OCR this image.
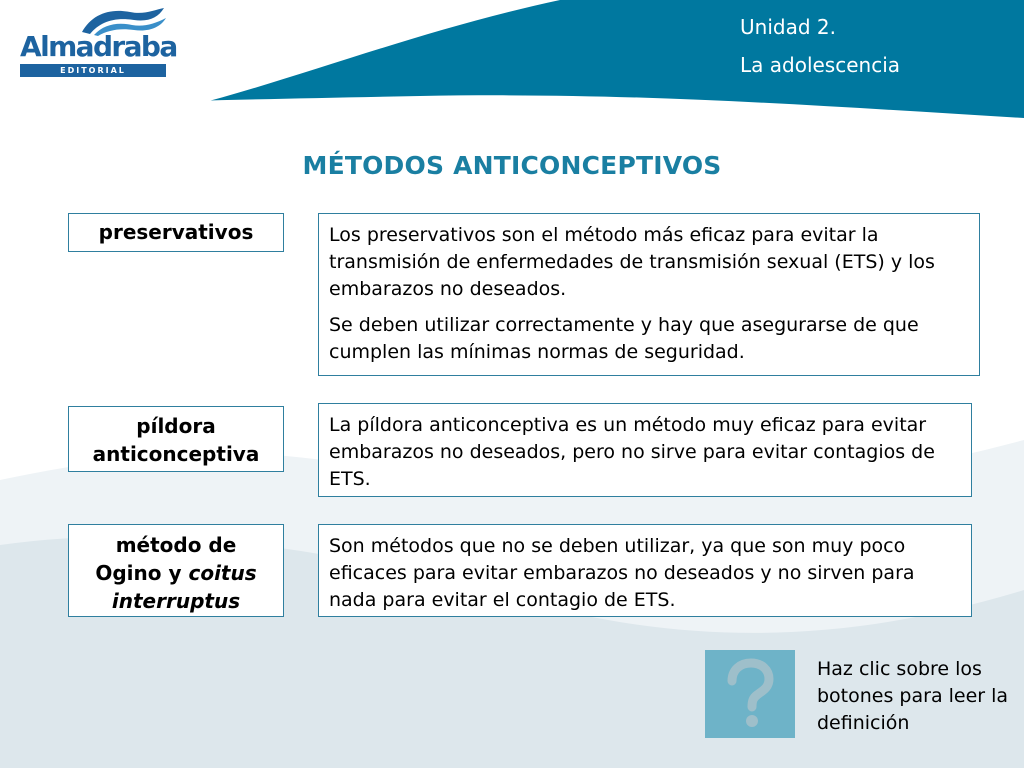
Almadraba
EDITORIAL
Unidad 2.
La adolescencia
MÉTODOS ANTICONCEPTIVOS
preservativos	Los preservativos son el método más eficaz para evitar la transmisión de enfermedades de transmisión sexual (ETS) y los embarazos no deseados.

Se deben utilizar correctamente y hay que asegurarse de que cumplen las mínimas normas de seguridad.

píldora
anticonceptiva

La píldora anticonceptiva es un método muy eficaz para evitar embarazos no deseados, pero no sirve para evitar contagios de ETS.

método de
Ogino y coitus
interruptus

Son métodos que no se deben utilizar, ya que son muy poco eficaces para evitar embarazos no deseados y no sirven para nada para evitar el contagio de ETS.

Haz clic sobre los botones para leer la definición
